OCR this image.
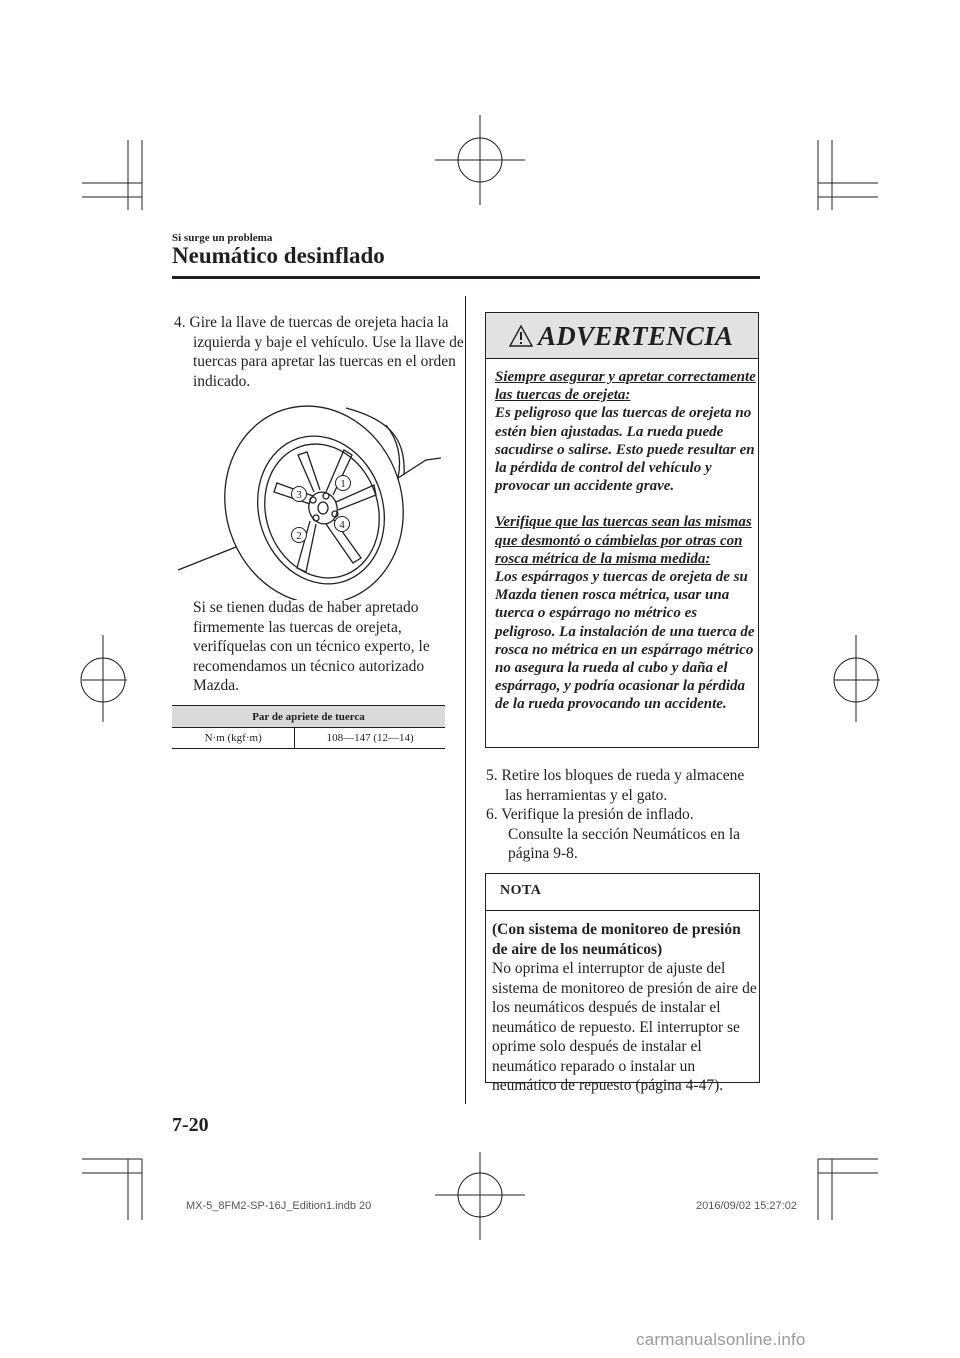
Si surge un problema
Neumático desinflado
4. Gire la llave de tuercas de orejeta hacia la izquierda y baje el vehículo. Use la llave de tuercas para apretar las tuercas en el orden indicado.
1
2
3
4
Si se tienen dudas de haber apretado firmemente las tuercas de orejeta, verifíquelas con un técnico experto, le recomendamos un técnico autorizado Mazda.
Par de apriete de tuerca
N·m (kgf·m)	108—147 (12—14)
ADVERTENCIA
Siempre asegurar y apretar correctamente las tuercas de orejeta:
Es peligroso que las tuercas de orejeta no estén bien ajustadas. La rueda puede sacudirse o salirse. Esto puede resultar en la pérdida de control del vehículo y provocar un accidente grave.
Verifique que las tuercas sean las mismas que desmontó o cámbielas por otras con rosca métrica de la misma medida:
Los espárragos y tuercas de orejeta de su Mazda tienen rosca métrica, usar una tuerca o espárrago no métrico es peligroso. La instalación de una tuerca de rosca no métrica en un espárrago métrico no asegura la rueda al cubo y daña el espárrago, y podría ocasionar la pérdida de la rueda provocando un accidente.
5. Retire los bloques de rueda y almacene las herramientas y el gato.
6. Verifique la presión de inflado.
Consulte la sección Neumáticos en la página 9-8.
NOTA
(Con sistema de monitoreo de presión de aire de los neumáticos)
No oprima el interruptor de ajuste del sistema de monitoreo de presión de aire de los neumáticos después de instalar el neumático de repuesto. El interruptor se oprime solo después de instalar el neumático reparado o instalar un neumático de repuesto (página 4-47).
7-20
MX-5_8FM2-SP-16J_Edition1.indb 20	2016/09/02 15:27:02
carmanualsonline.info
